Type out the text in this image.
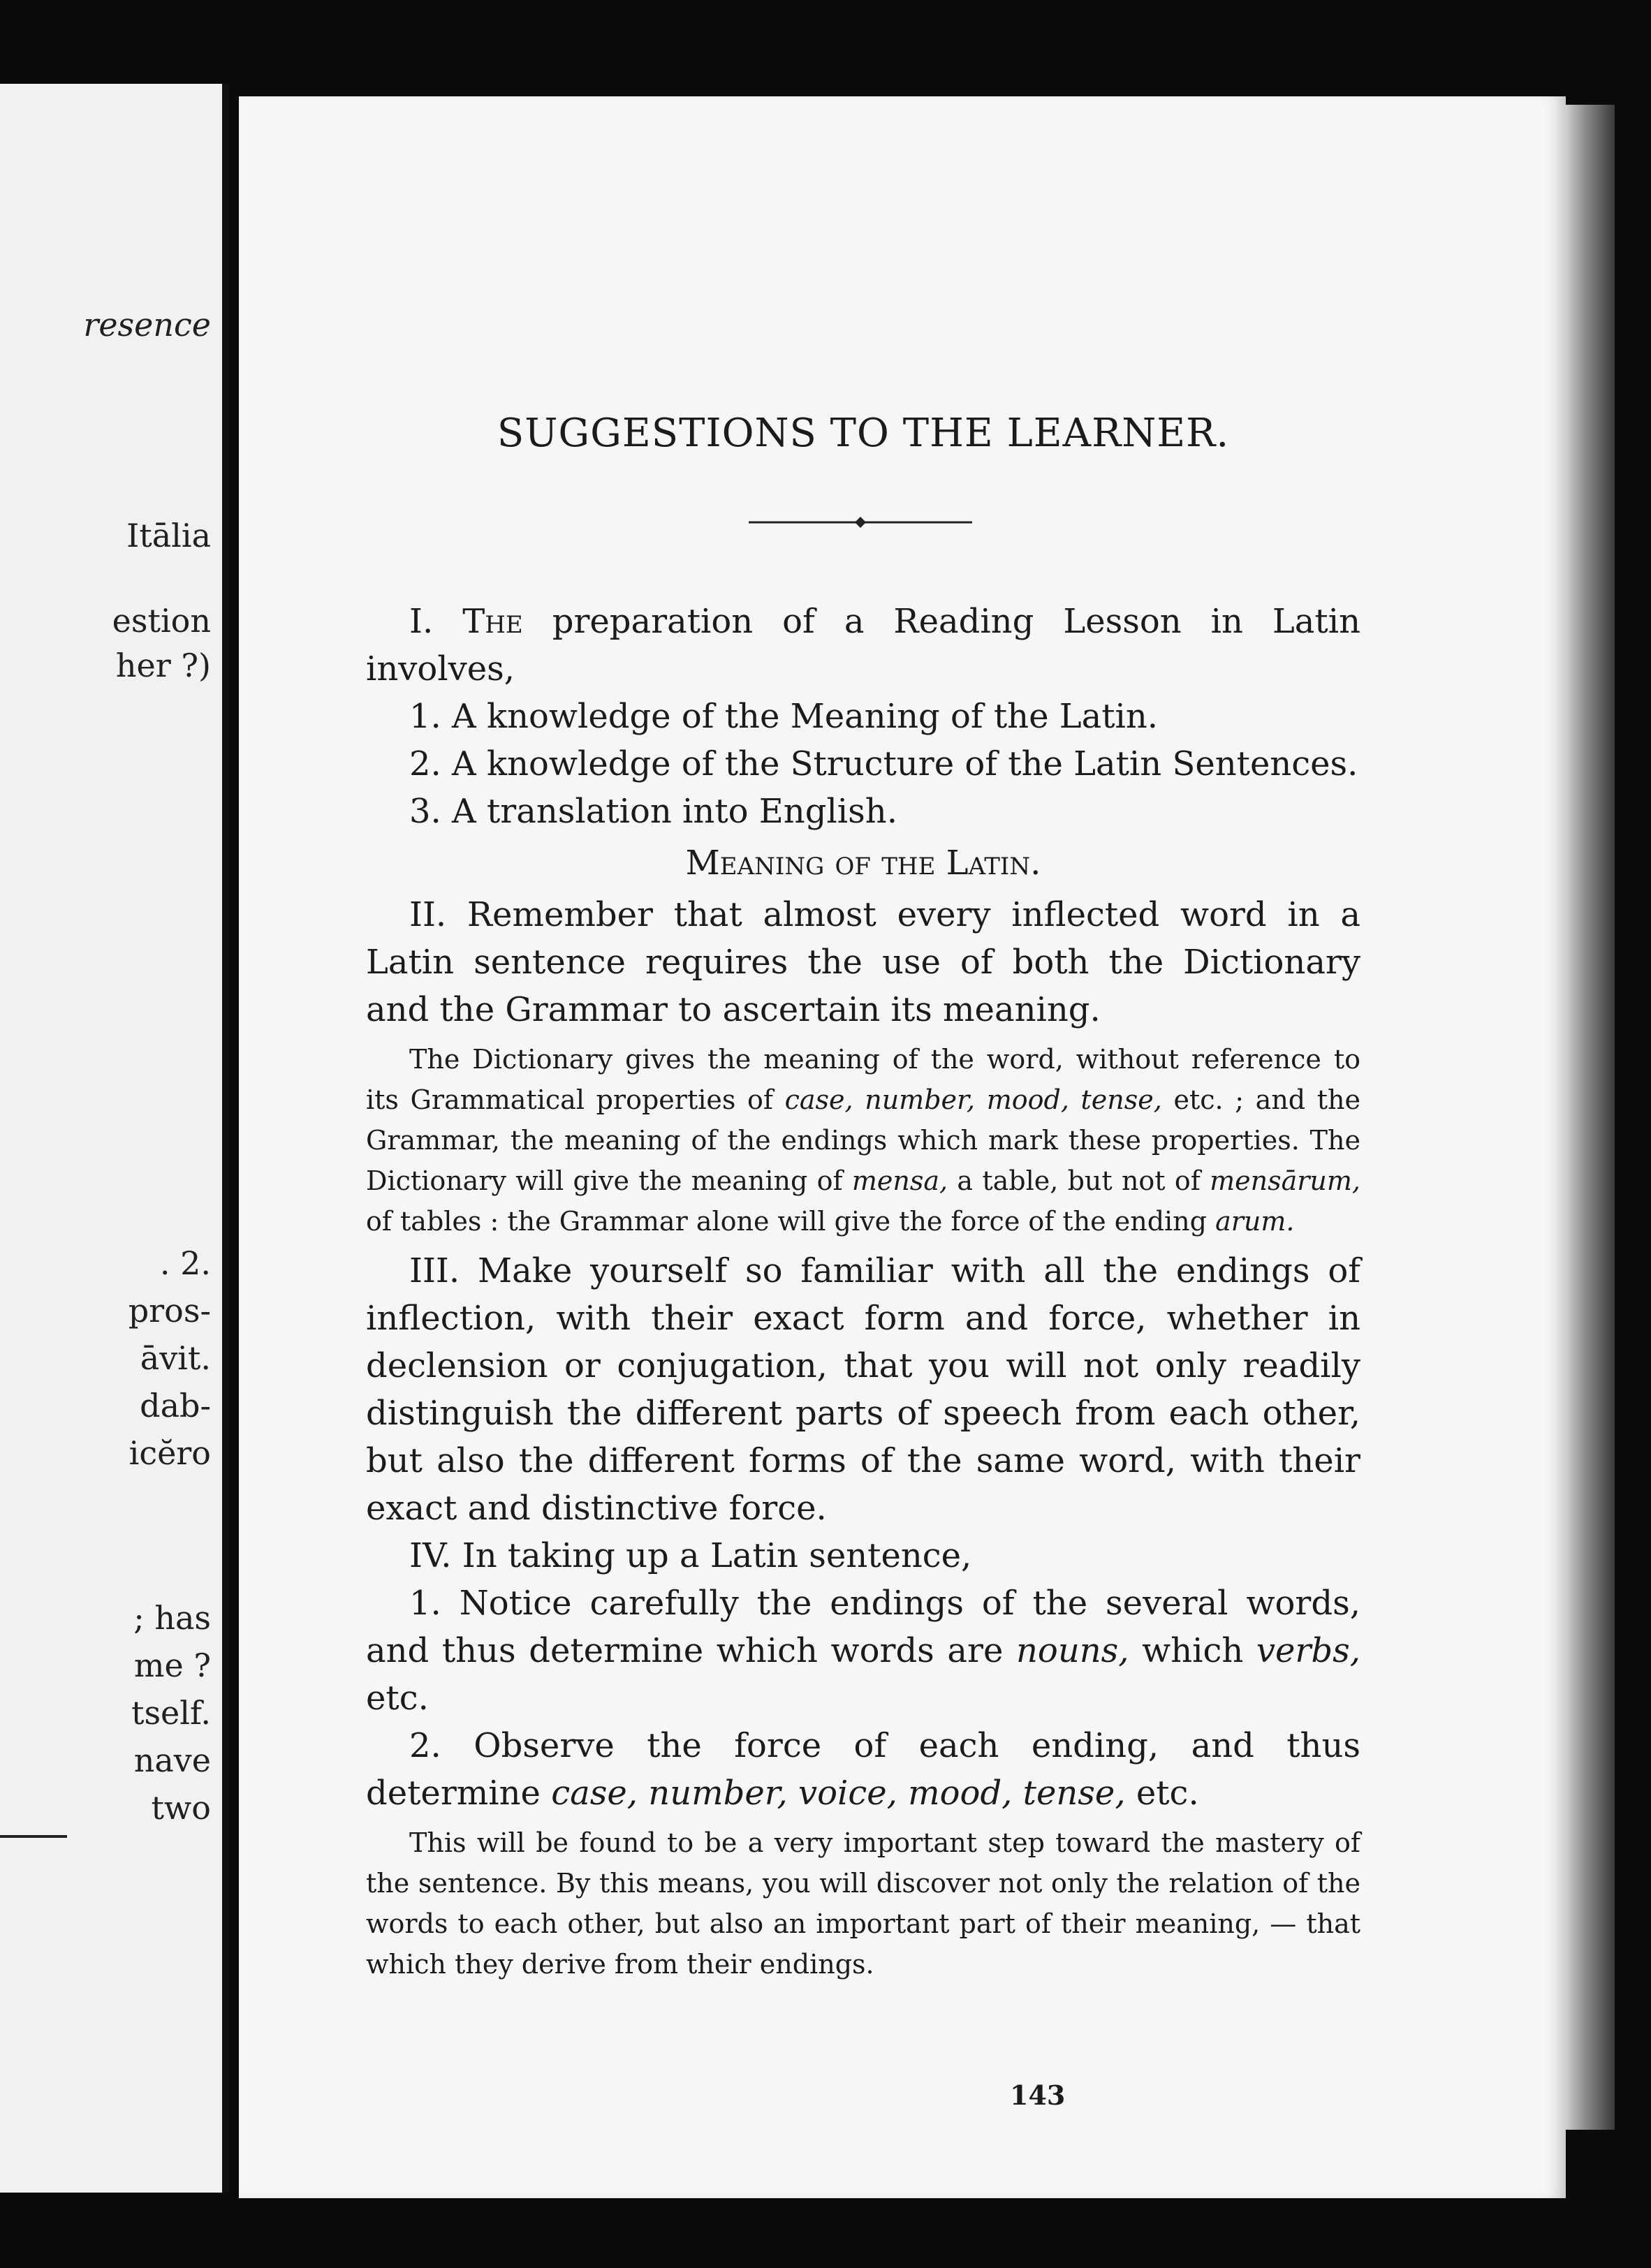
resence
Itālia
estion
her ?)
. 2.
pros-
āvit.
dab-
icĕro
; has
me ?
tself.
nave
two
SUGGESTIONS TO THE LEARNER.

I. The preparation of a Reading Lesson in Latin involves,

1. A knowledge of the Meaning of the Latin.

2. A knowledge of the Structure of the Latin Sentences.

3. A translation into English.

Meaning of the Latin.

II. Remember that almost every inflected word in a Latin sentence requires the use of both the Dictionary and the Grammar to ascertain its meaning.

The Dictionary gives the meaning of the word, without reference to its Grammatical properties of case, number, mood, tense, etc. ; and the Grammar, the meaning of the endings which mark these properties. The Dictionary will give the meaning of mensa, a table, but not of mensārum, of tables : the Grammar alone will give the force of the ending arum.

III. Make yourself so familiar with all the endings of inflection, with their exact form and force, whether in declension or conjugation, that you will not only readily distinguish the different parts of speech from each other, but also the different forms of the same word, with their exact and distinctive force.

IV. In taking up a Latin sentence,

1. Notice carefully the endings of the several words, and thus determine which words are nouns, which verbs, etc.

2. Observe the force of each ending, and thus determine case, number, voice, mood, tense, etc.

This will be found to be a very important step toward the mastery of the sentence. By this means, you will discover not only the relation of the words to each other, but also an important part of their meaning, — that which they derive from their endings.

143
